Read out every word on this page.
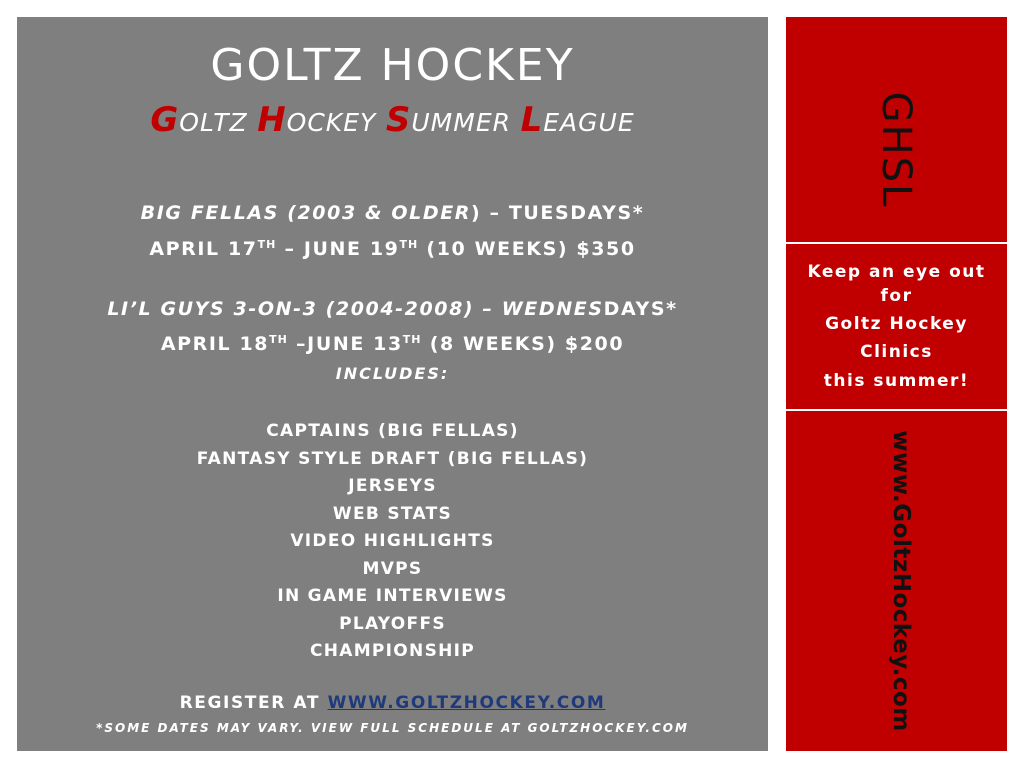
GOLTZ HOCKEY
GOLTZ HOCKEY SUMMER LEAGUE
BIG FELLAS (2003 & OLDER) – TUESDAYS*
APRIL 17TH – JUNE 19TH (10 WEEKS) $350
LI’L GUYS 3-ON-3 (2004-2008) – WEDNESDAYS*
APRIL 18TH –JUNE 13TH (8 WEEKS) $200
INCLUDES:
CAPTAINS (BIG FELLAS)
FANTASY STYLE DRAFT (BIG FELLAS)
JERSEYS
WEB STATS
VIDEO HIGHLIGHTS
MVPS
IN GAME INTERVIEWS
PLAYOFFS
CHAMPIONSHIP
REGISTER AT WWW.GOLTZHOCKEY.COM
*SOME DATES MAY VARY. VIEW FULL SCHEDULE AT GOLTZHOCKEY.COM
GHSL
Keep an eye out
for
Goltz Hockey
Clinics
this summer!
www.GoltzHockey.com
